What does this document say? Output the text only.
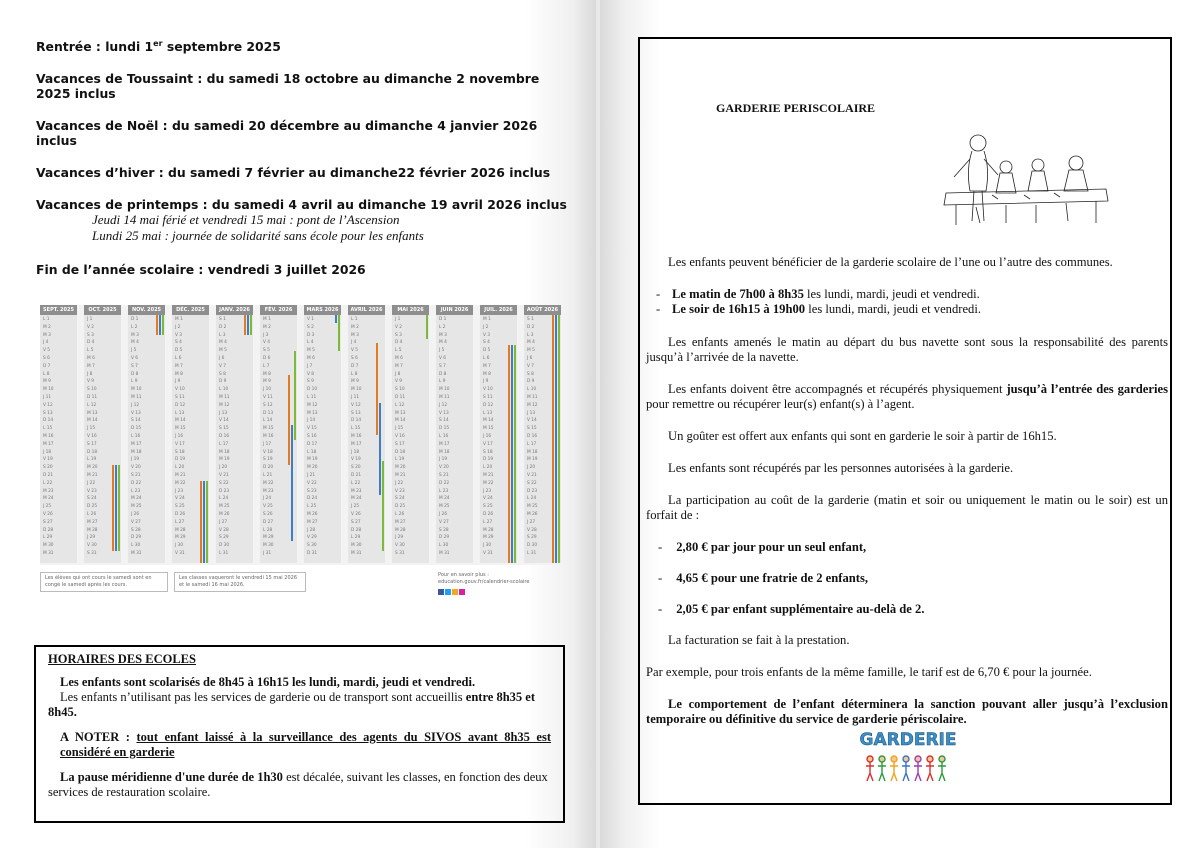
Rentrée : lundi 1er septembre 2025
Vacances de Toussaint : du samedi 18 octobre au dimanche 2 novembre 2025 inclus
Vacances de Noël : du samedi 20 décembre au dimanche 4 janvier 2026 inclus
Vacances d’hiver : du samedi 7 février au dimanche22 février 2026 inclus
Vacances de printemps : du samedi 4 avril au dimanche 19 avril 2026 inclus
Jeudi 14 mai férié et vendredi 15 mai : pont de l’Ascension
Lundi 25 mai : journée de solidarité sans école pour les enfants
Fin de l’année scolaire : vendredi 3 juillet 2026
SEPT. 2025
L 1
M 2
M 3
J 4
V 5
S 6
D 7
L 8
M 9
M 10
J 11
V 12
S 13
D 14
L 15
M 16
M 17
J 18
V 19
S 20
D 21
L 22
M 23
M 24
J 25
V 26
S 27
D 28
L 29
M 30
M 31
OCT. 2025
J 1
V 2
S 3
D 4
L 5
M 6
M 7
J 8
V 9
S 10
D 11
L 12
M 13
M 14
J 15
V 16
S 17
D 18
L 19
M 20
M 21
J 22
V 23
S 24
D 25
L 26
M 27
M 28
J 29
V 30
S 31
NOV. 2025
D 1
L 2
M 3
M 4
J 5
V 6
S 7
D 8
L 9
M 10
M 11
J 12
V 13
S 14
D 15
L 16
M 17
M 18
J 19
V 20
S 21
D 22
L 23
M 24
M 25
J 26
V 27
S 28
D 29
L 30
M 31
DÉC. 2025
M 1
J 2
V 3
S 4
D 5
L 6
M 7
M 8
J 9
V 10
S 11
D 12
L 13
M 14
M 15
J 16
V 17
S 18
D 19
L 20
M 21
M 22
J 23
V 24
S 25
D 26
L 27
M 28
M 29
J 30
V 31
JANV. 2026
S 1
D 2
L 3
M 4
M 5
J 6
V 7
S 8
D 9
L 10
M 11
M 12
J 13
V 14
S 15
D 16
L 17
M 18
M 19
J 20
V 21
S 22
D 23
L 24
M 25
M 26
J 27
V 28
S 29
D 30
L 31
FÉV. 2026
M 1
M 2
J 3
V 4
S 5
D 6
L 7
M 8
M 9
J 10
V 11
S 12
D 13
L 14
M 15
M 16
J 17
V 18
S 19
D 20
L 21
M 22
M 23
J 24
V 25
S 26
D 27
L 28
M 29
M 30
J 31
MARS 2026
V 1
S 2
D 3
L 4
M 5
M 6
J 7
V 8
S 9
D 10
L 11
M 12
M 13
J 14
V 15
S 16
D 17
L 18
M 19
M 20
J 21
V 22
S 23
D 24
L 25
M 26
M 27
J 28
V 29
S 30
D 31
AVRIL 2026
L 1
M 2
M 3
J 4
V 5
S 6
D 7
L 8
M 9
M 10
J 11
V 12
S 13
D 14
L 15
M 16
M 17
J 18
V 19
S 20
D 21
L 22
M 23
M 24
J 25
V 26
S 27
D 28
L 29
M 30
M 31
MAI 2026
J 1
V 2
S 3
D 4
L 5
M 6
M 7
J 8
V 9
S 10
D 11
L 12
M 13
M 14
J 15
V 16
S 17
D 18
L 19
M 20
M 21
J 22
V 23
S 24
D 25
L 26
M 27
M 28
J 29
V 30
S 31
JUIN 2026
D 1
L 2
M 3
M 4
J 5
V 6
S 7
D 8
L 9
M 10
M 11
J 12
V 13
S 14
D 15
L 16
M 17
M 18
J 19
V 20
S 21
D 22
L 23
M 24
M 25
J 26
V 27
S 28
D 29
L 30
M 31
JUIL. 2026
M 1
J 2
V 3
S 4
D 5
L 6
M 7
M 8
J 9
V 10
S 11
D 12
L 13
M 14
M 15
J 16
V 17
S 18
D 19
L 20
M 21
M 22
J 23
V 24
S 25
D 26
L 27
M 28
M 29
J 30
V 31
AOÛT 2026
S 1
D 2
L 3
M 4
M 5
J 6
V 7
S 8
D 9
L 10
M 11
M 12
J 13
V 14
S 15
D 16
L 17
M 18
M 19
J 20
V 21
S 22
D 23
L 24
M 25
M 26
J 27
V 28
S 29
D 30
L 31
Les élèves qui ont cours le samedi sont en congé le samedi après les cours.
Les classes vaqueront le vendredi 15 mai 2026 et le samedi 16 mai 2026.
Pour en savoir plus : education.gouv.fr/calendrier-scolaire

HORAIRES DES ECOLES

Les enfants sont scolarisés de 8h45 à 16h15 les lundi, mardi, jeudi et vendredi.
Les enfants n’utilisant pas les services de garderie ou de transport sont accueillis entre 8h35 et 8h45.

A NOTER : tout enfant laissé à la surveillance des agents du SIVOS avant 8h35 est considéré en garderie

La pause méridienne d'une durée de 1h30 est décalée, suivant les classes, en fonction des deux services de restauration scolaire.

GARDERIE PERISCOLAIRE

Les enfants peuvent bénéficier de la garderie scolaire de l’une ou l’autre des communes.

- Le matin de 7h00 à 8h35 les lundi, mardi, jeudi et vendredi.
- Le soir de 16h15 à 19h00 les lundi, mardi, jeudi et vendredi.

Les enfants amenés le matin au départ du bus navette sont sous la responsabilité des parents jusqu’à l’arrivée de la navette.

Les enfants doivent être accompagnés et récupérés physiquement jusqu’à l’entrée des garderies pour remettre ou récupérer leur(s) enfant(s) à l’agent.

Un goûter est offert aux enfants qui sont en garderie le soir à partir de 16h15.

Les enfants sont récupérés par les personnes autorisées à la garderie.

La participation au coût de la garderie (matin et soir ou uniquement le matin ou le soir) est un forfait de :

- 2,80 € par jour pour un seul enfant,

- 4,65 € pour une fratrie de 2 enfants,

- 2,05 € par enfant supplémentaire au-delà de 2.

La facturation se fait à la prestation.

Par exemple, pour trois enfants de la même famille, le tarif est de 6,70 € pour la journée.

Le comportement de l’enfant déterminera la sanction pouvant aller jusqu’à l’exclusion temporaire ou définitive du service de garderie périscolaire.

GARDERIE
